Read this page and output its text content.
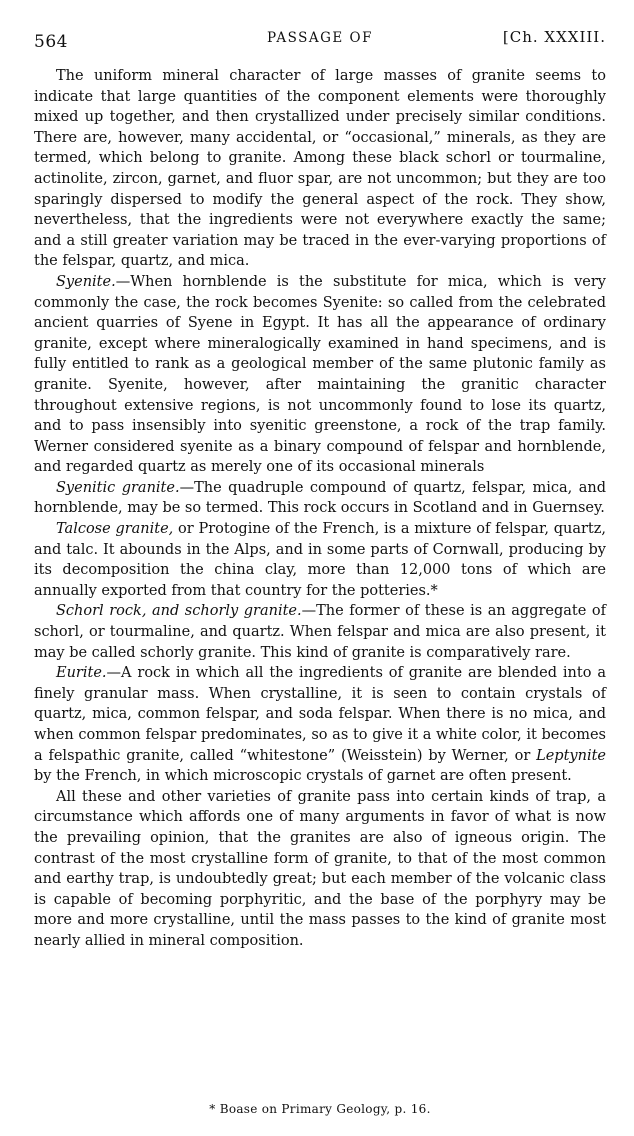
564	PASSAGE OF	[Ch. XXXIII.

The uniform mineral character of large masses of granite seems to indicate that large quantities of the component elements were thoroughly mixed up together, and then crystallized under precisely similar conditions. There are, however, many accidental, or “occasional,” minerals, as they are termed, which belong to granite. Among these black schorl or tourmaline, actinolite, zircon, garnet, and fluor spar, are not uncommon; but they are too sparingly dispersed to modify the general aspect of the rock. They show, nevertheless, that the ingredients were not everywhere exactly the same; and a still greater variation may be traced in the ever-varying proportions of the felspar, quartz, and mica.

Syenite.—When hornblende is the substitute for mica, which is very commonly the case, the rock becomes Syenite: so called from the celebrated ancient quarries of Syene in Egypt. It has all the appearance of ordinary granite, except where mineralogically examined in hand specimens, and is fully entitled to rank as a geological member of the same plutonic family as granite. Syenite, however, after maintaining the granitic character throughout extensive regions, is not uncommonly found to lose its quartz, and to pass insensibly into syenitic greenstone, a rock of the trap family. Werner considered syenite as a binary compound of felspar and hornblende, and regarded quartz as merely one of its occasional minerals

Syenitic granite.—The quadruple compound of quartz, felspar, mica, and hornblende, may be so termed. This rock occurs in Scotland and in Guernsey.

Talcose granite, or Protogine of the French, is a mixture of felspar, quartz, and talc. It abounds in the Alps, and in some parts of Cornwall, producing by its decomposition the china clay, more than 12,000 tons of which are annually exported from that country for the potteries.*

Schorl rock, and schorly granite.—The former of these is an aggregate of schorl, or tourmaline, and quartz. When felspar and mica are also present, it may be called schorly granite. This kind of granite is comparatively rare.

Eurite.—A rock in which all the ingredients of granite are blended into a finely granular mass. When crystalline, it is seen to contain crystals of quartz, mica, common felspar, and soda felspar. When there is no mica, and when common felspar predominates, so as to give it a white color, it becomes a felspathic granite, called “whitestone” (Weisstein) by Werner, or Leptynite by the French, in which microscopic crystals of garnet are often present.

All these and other varieties of granite pass into certain kinds of trap, a circumstance which affords one of many arguments in favor of what is now the prevailing opinion, that the granites are also of igneous origin. The contrast of the most crystalline form of granite, to that of the most common and earthy trap, is undoubtedly great; but each member of the volcanic class is capable of becoming porphyritic, and the base of the porphyry may be more and more crystalline, until the mass passes to the kind of granite most nearly allied in mineral composition.

* Boase on Primary Geology, p. 16.
